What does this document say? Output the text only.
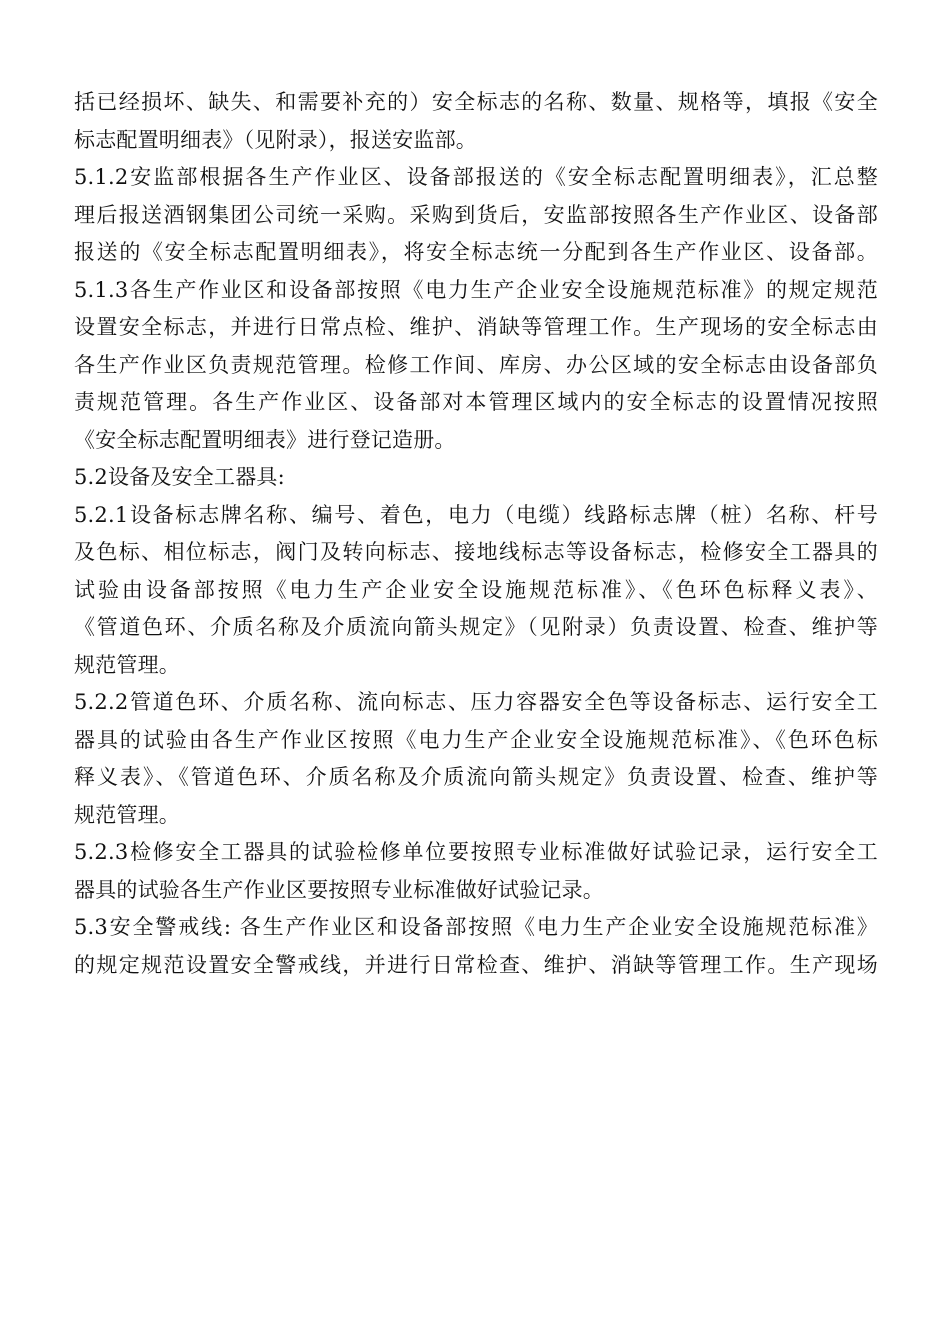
括已经损坏、缺失、和需要补充的）安全标志的名称、数量、规格等，填报《安全
标志配置明细表》（见附录），报送安监部。
5.1.2安监部根据各生产作业区、设备部报送的《安全标志配置明细表》，汇总整
理后报送酒钢集团公司统一采购。采购到货后，安监部按照各生产作业区、设备部
报送的《安全标志配置明细表》，将安全标志统一分配到各生产作业区、设备部。
5.1.3各生产作业区和设备部按照《电力生产企业安全设施规范标准》的规定规范
设置安全标志，并进行日常点检、维护、消缺等管理工作。生产现场的安全标志由
各生产作业区负责规范管理。检修工作间、库房、办公区域的安全标志由设备部负
责规范管理。各生产作业区、设备部对本管理区域内的安全标志的设置情况按照
《安全标志配置明细表》进行登记造册。
5.2设备及安全工器具:
5.2.1设备标志牌名称、编号、着色，电力（电缆）线路标志牌（桩）名称、杆号
及色标、相位标志，阀门及转向标志、接地线标志等设备标志，检修安全工器具的
试验由设备部按照《电力生产企业安全设施规范标准》、《色环色标释义表》、
《管道色环、介质名称及介质流向箭头规定》（见附录）负责设置、检查、维护等
规范管理。
5.2.2管道色环、介质名称、流向标志、压力容器安全色等设备标志、运行安全工
器具的试验由各生产作业区按照《电力生产企业安全设施规范标准》、《色环色标
释义表》、《管道色环、介质名称及介质流向箭头规定》负责设置、检查、维护等
规范管理。
5.2.3检修安全工器具的试验检修单位要按照专业标准做好试验记录，运行安全工
器具的试验各生产作业区要按照专业标准做好试验记录。
5.3安全警戒线: 各生产作业区和设备部按照《电力生产企业安全设施规范标准》
的规定规范设置安全警戒线，并进行日常检查、维护、消缺等管理工作。生产现场
